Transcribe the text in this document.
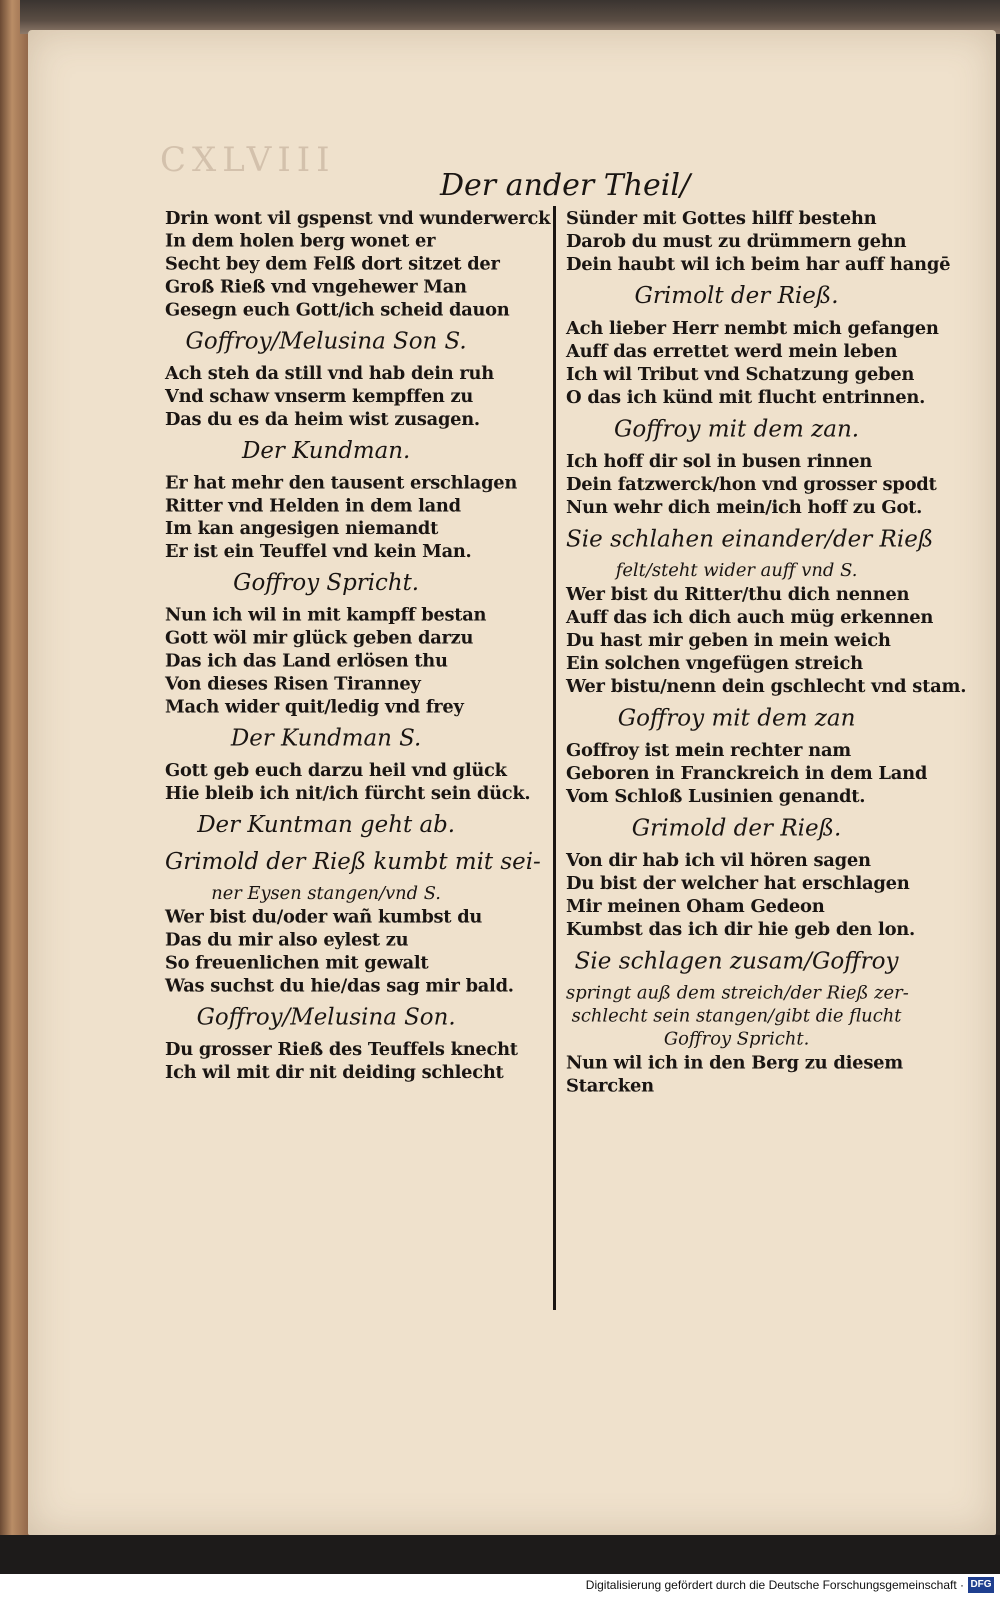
CXLVIII
Der ander Theil/
Drin wont vil gspenst vnd wunderwerck
In dem holen berg wonet er
Secht bey dem Felß dort sitzet der
Groß Rieß vnd vngehewer Man
Gesegn euch Gott/ich scheid dauon
Goffroy/Melusina Son S.
Ach steh da still vnd hab dein ruh
Vnd schaw vnserm kempffen zu
Das du es da heim wist zusagen.
Der Kundman.
Er hat mehr den tausent erschlagen
Ritter vnd Helden in dem land
Im kan angesigen niemandt
Er ist ein Teuffel vnd kein Man.
Goffroy Spricht.
Nun ich wil in mit kampff bestan
Gott wöl mir glück geben darzu
Das ich das Land erlösen thu
Von dieses Risen Tiranney
Mach wider quit/ledig vnd frey
Der Kundman S.
Gott geb euch darzu heil vnd glück
Hie bleib ich nit/ich fürcht sein dück.
Der Kuntman geht ab.
Grimold der Rieß kumbt mit sei-
ner Eysen stangen/vnd S.
Wer bist du/oder wañ kumbst du
Das du mir also eylest zu
So freuenlichen mit gewalt
Was suchst du hie/das sag mir bald.
Goffroy/Melusina Son.
Du grosser Rieß des Teuffels knecht
Ich wil mit dir nit deiding schlecht
Sünder mit Gottes hilff bestehn
Darob du must zu drümmern gehn
Dein haubt wil ich beim har auff hangē
Grimolt der Rieß.
Ach lieber Herr nembt mich gefangen
Auff das errettet werd mein leben
Ich wil Tribut vnd Schatzung geben
O das ich künd mit flucht entrinnen.
Goffroy mit dem zan.
Ich hoff dir sol in busen rinnen
Dein fatzwerck/hon vnd grosser spodt
Nun wehr dich mein/ich hoff zu Got.
Sie schlahen einander/der Rieß
felt/steht wider auff vnd S.
Wer bist du Ritter/thu dich nennen
Auff das ich dich auch müg erkennen
Du hast mir geben in mein weich
Ein solchen vngefügen streich
Wer bistu/nenn dein gschlecht vnd stam.
Goffroy mit dem zan
Goffroy ist mein rechter nam
Geboren in Franckreich in dem Land
Vom Schloß Lusinien genandt.
Grimold der Rieß.
Von dir hab ich vil hören sagen
Du bist der welcher hat erschlagen
Mir meinen Oham Gedeon
Kumbst das ich dir hie geb den lon.
Sie schlagen zusam/Goffroy
springt auß dem streich/der Rieß zer-
schlecht sein stangen/gibt die flucht
Goffroy Spricht.
Nun wil ich in den Berg zu diesem
Starcken
Digitalisierung gefördert durch die Deutsche Forschungsgemeinschaft · DFG
